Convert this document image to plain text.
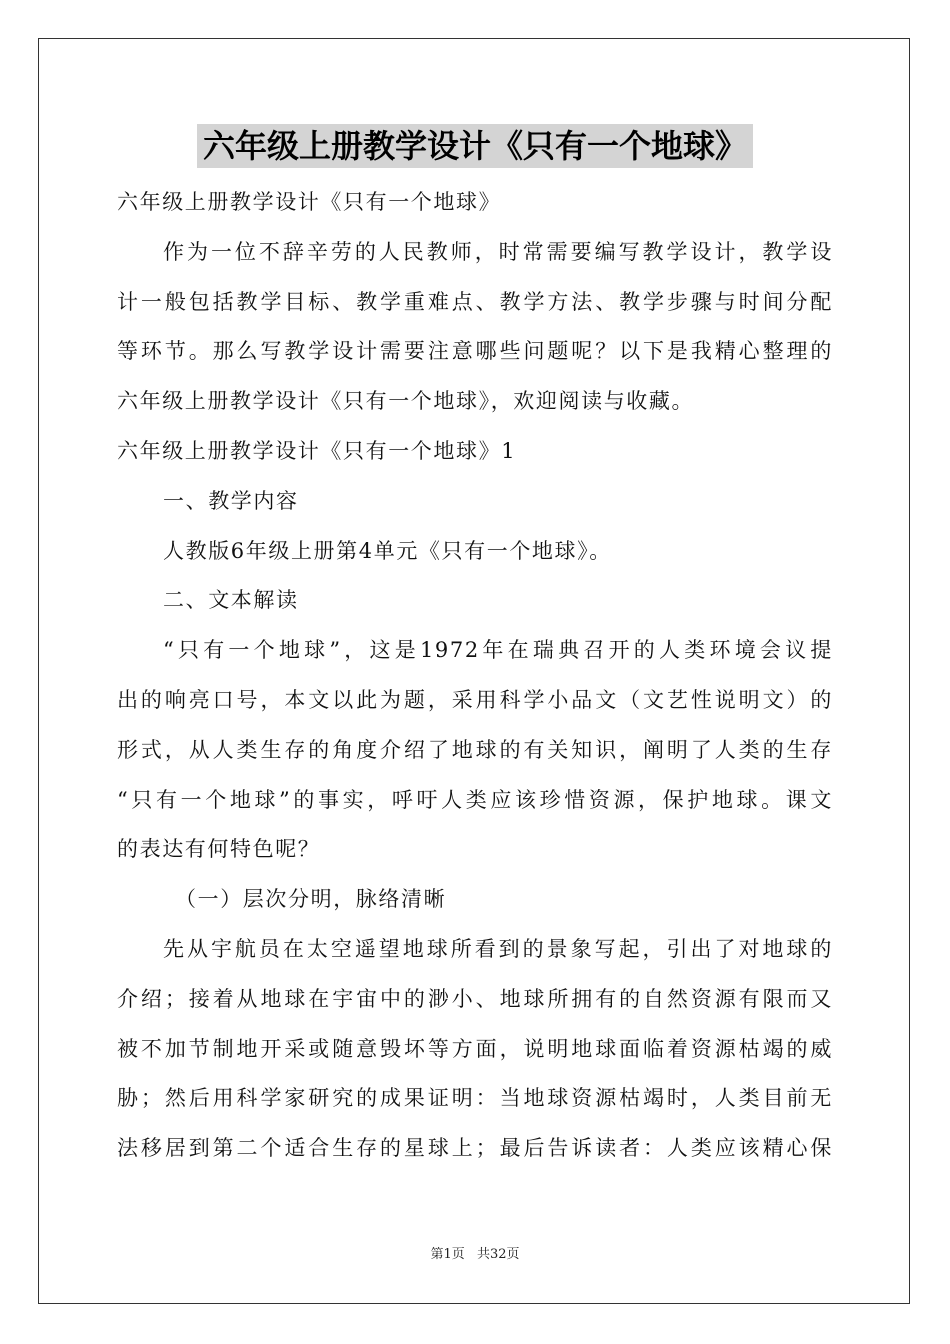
六年级上册教学设计《只有一个地球》
六年级上册教学设计《只有一个地球》
作为一位不辞辛劳的人民教师，时常需要编写教学设计，教学设
计一般包括教学目标、教学重难点、教学方法、教学步骤与时间分配
等环节。那么写教学设计需要注意哪些问题呢？以下是我精心整理的
六年级上册教学设计《只有一个地球》，欢迎阅读与收藏。
六年级上册教学设计《只有一个地球》1
一、教学内容
人教版6年级上册第4单元《只有一个地球》。
二、文本解读
“只有一个地球”，这是1972年在瑞典召开的人类环境会议提
出的响亮口号，本文以此为题，采用科学小品文（文艺性说明文）的
形式，从人类生存的角度介绍了地球的有关知识，阐明了人类的生存
“只有一个地球”的事实，呼吁人类应该珍惜资源，保护地球。课文
的表达有何特色呢？
（一）层次分明，脉络清晰
先从宇航员在太空遥望地球所看到的景象写起，引出了对地球的
介绍；接着从地球在宇宙中的渺小、地球所拥有的自然资源有限而又
被不加节制地开采或随意毁坏等方面，说明地球面临着资源枯竭的威
胁；然后用科学家研究的成果证明：当地球资源枯竭时，人类目前无
法移居到第二个适合生存的星球上；最后告诉读者：人类应该精心保
第1页 共32页
